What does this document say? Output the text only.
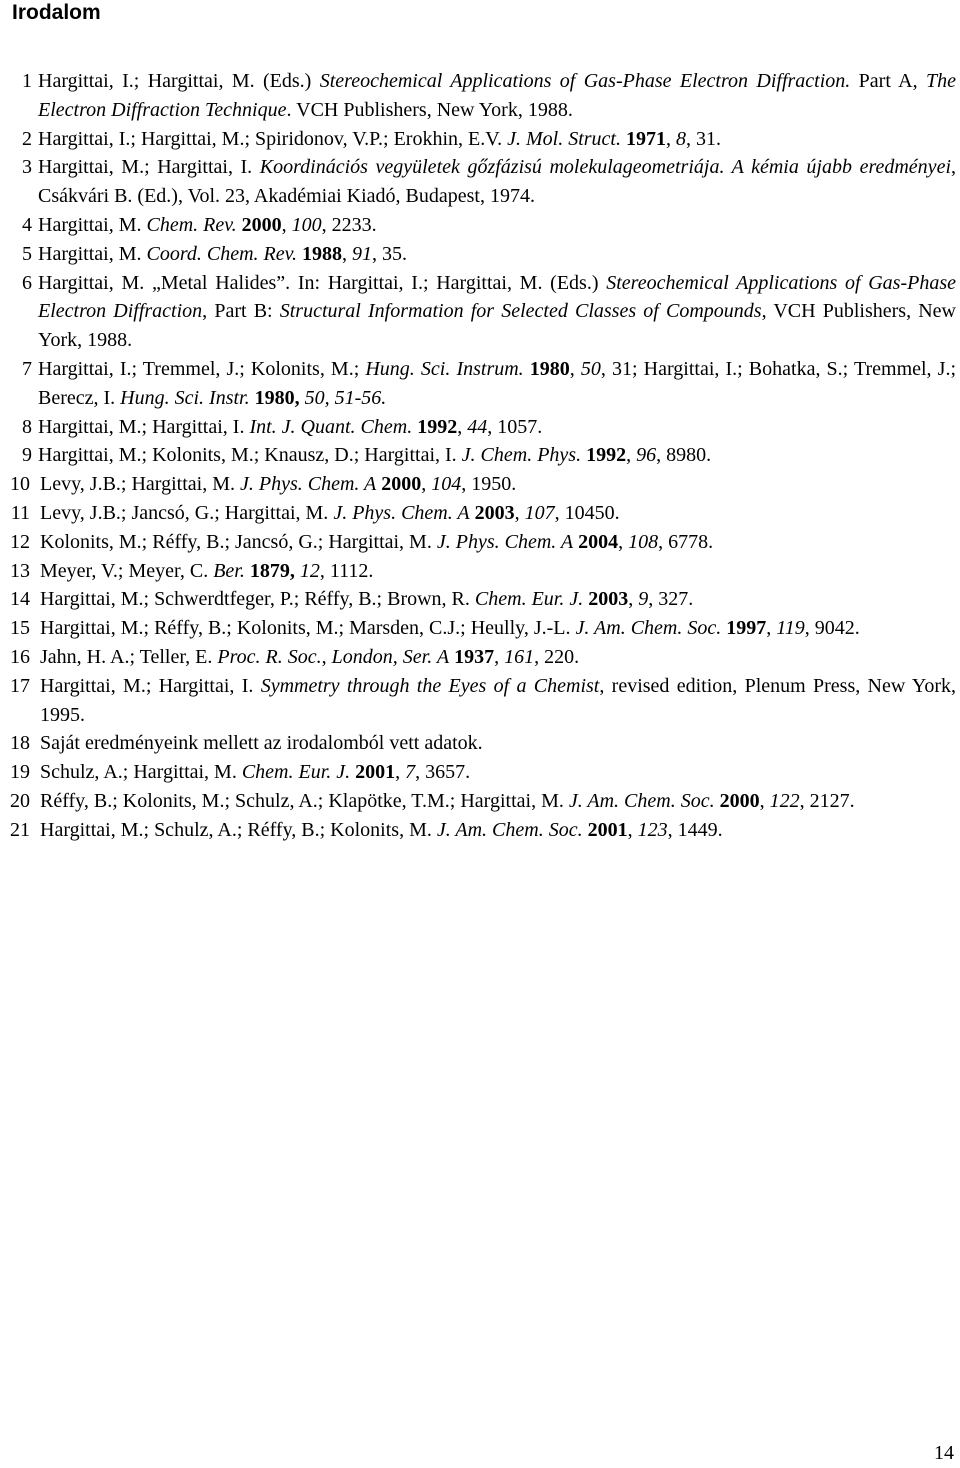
Irodalom
1 Hargittai, I.; Hargittai, M. (Eds.) Stereochemical Applications of Gas-Phase Electron Diffraction. Part A, The Electron Diffraction Technique. VCH Publishers, New York, 1988.
2 Hargittai, I.; Hargittai, M.; Spiridonov, V.P.; Erokhin, E.V. J. Mol. Struct. 1971, 8, 31.
3 Hargittai, M.; Hargittai, I. Koordinációs vegyületek gőzfázisú molekulageometriája. A kémia újabb eredményei, Csákvári B. (Ed.), Vol. 23, Akadémiai Kiadó, Budapest, 1974.
4 Hargittai, M. Chem. Rev. 2000, 100, 2233.
5 Hargittai, M. Coord. Chem. Rev. 1988, 91, 35.
6 Hargittai, M. „Metal Halides”. In: Hargittai, I.; Hargittai, M. (Eds.) Stereochemical Applications of Gas-Phase Electron Diffraction, Part B: Structural Information for Selected Classes of Compounds, VCH Publishers, New York, 1988.
7 Hargittai, I.; Tremmel, J.; Kolonits, M.; Hung. Sci. Instrum. 1980, 50, 31; Hargittai, I.; Bohatka, S.; Tremmel, J.; Berecz, I. Hung. Sci. Instr. 1980, 50, 51-56.
8 Hargittai, M.; Hargittai, I. Int. J. Quant. Chem. 1992, 44, 1057.
9 Hargittai, M.; Kolonits, M.; Knausz, D.; Hargittai, I. J. Chem. Phys. 1992, 96, 8980.
10 Levy, J.B.; Hargittai, M. J. Phys. Chem. A 2000, 104, 1950.
11 Levy, J.B.; Jancsó, G.; Hargittai, M. J. Phys. Chem. A 2003, 107, 10450.
12 Kolonits, M.; Réffy, B.; Jancsó, G.; Hargittai, M. J. Phys. Chem. A 2004, 108, 6778.
13 Meyer, V.; Meyer, C. Ber. 1879, 12, 1112.
14 Hargittai, M.; Schwerdtfeger, P.; Réffy, B.; Brown, R. Chem. Eur. J. 2003, 9, 327.
15 Hargittai, M.; Réffy, B.; Kolonits, M.; Marsden, C.J.; Heully, J.-L. J. Am. Chem. Soc. 1997, 119, 9042.
16 Jahn, H. A.; Teller, E. Proc. R. Soc., London, Ser. A 1937, 161, 220.
17 Hargittai, M.; Hargittai, I. Symmetry through the Eyes of a Chemist, revised edition, Plenum Press, New York, 1995.
18 Saját eredményeink mellett az irodalomból vett adatok.
19 Schulz, A.; Hargittai, M. Chem. Eur. J. 2001, 7, 3657.
20 Réffy, B.; Kolonits, M.; Schulz, A.; Klapötke, T.M.; Hargittai, M. J. Am. Chem. Soc. 2000, 122, 2127.
21 Hargittai, M.; Schulz, A.; Réffy, B.; Kolonits, M. J. Am. Chem. Soc. 2001, 123, 1449.
14
